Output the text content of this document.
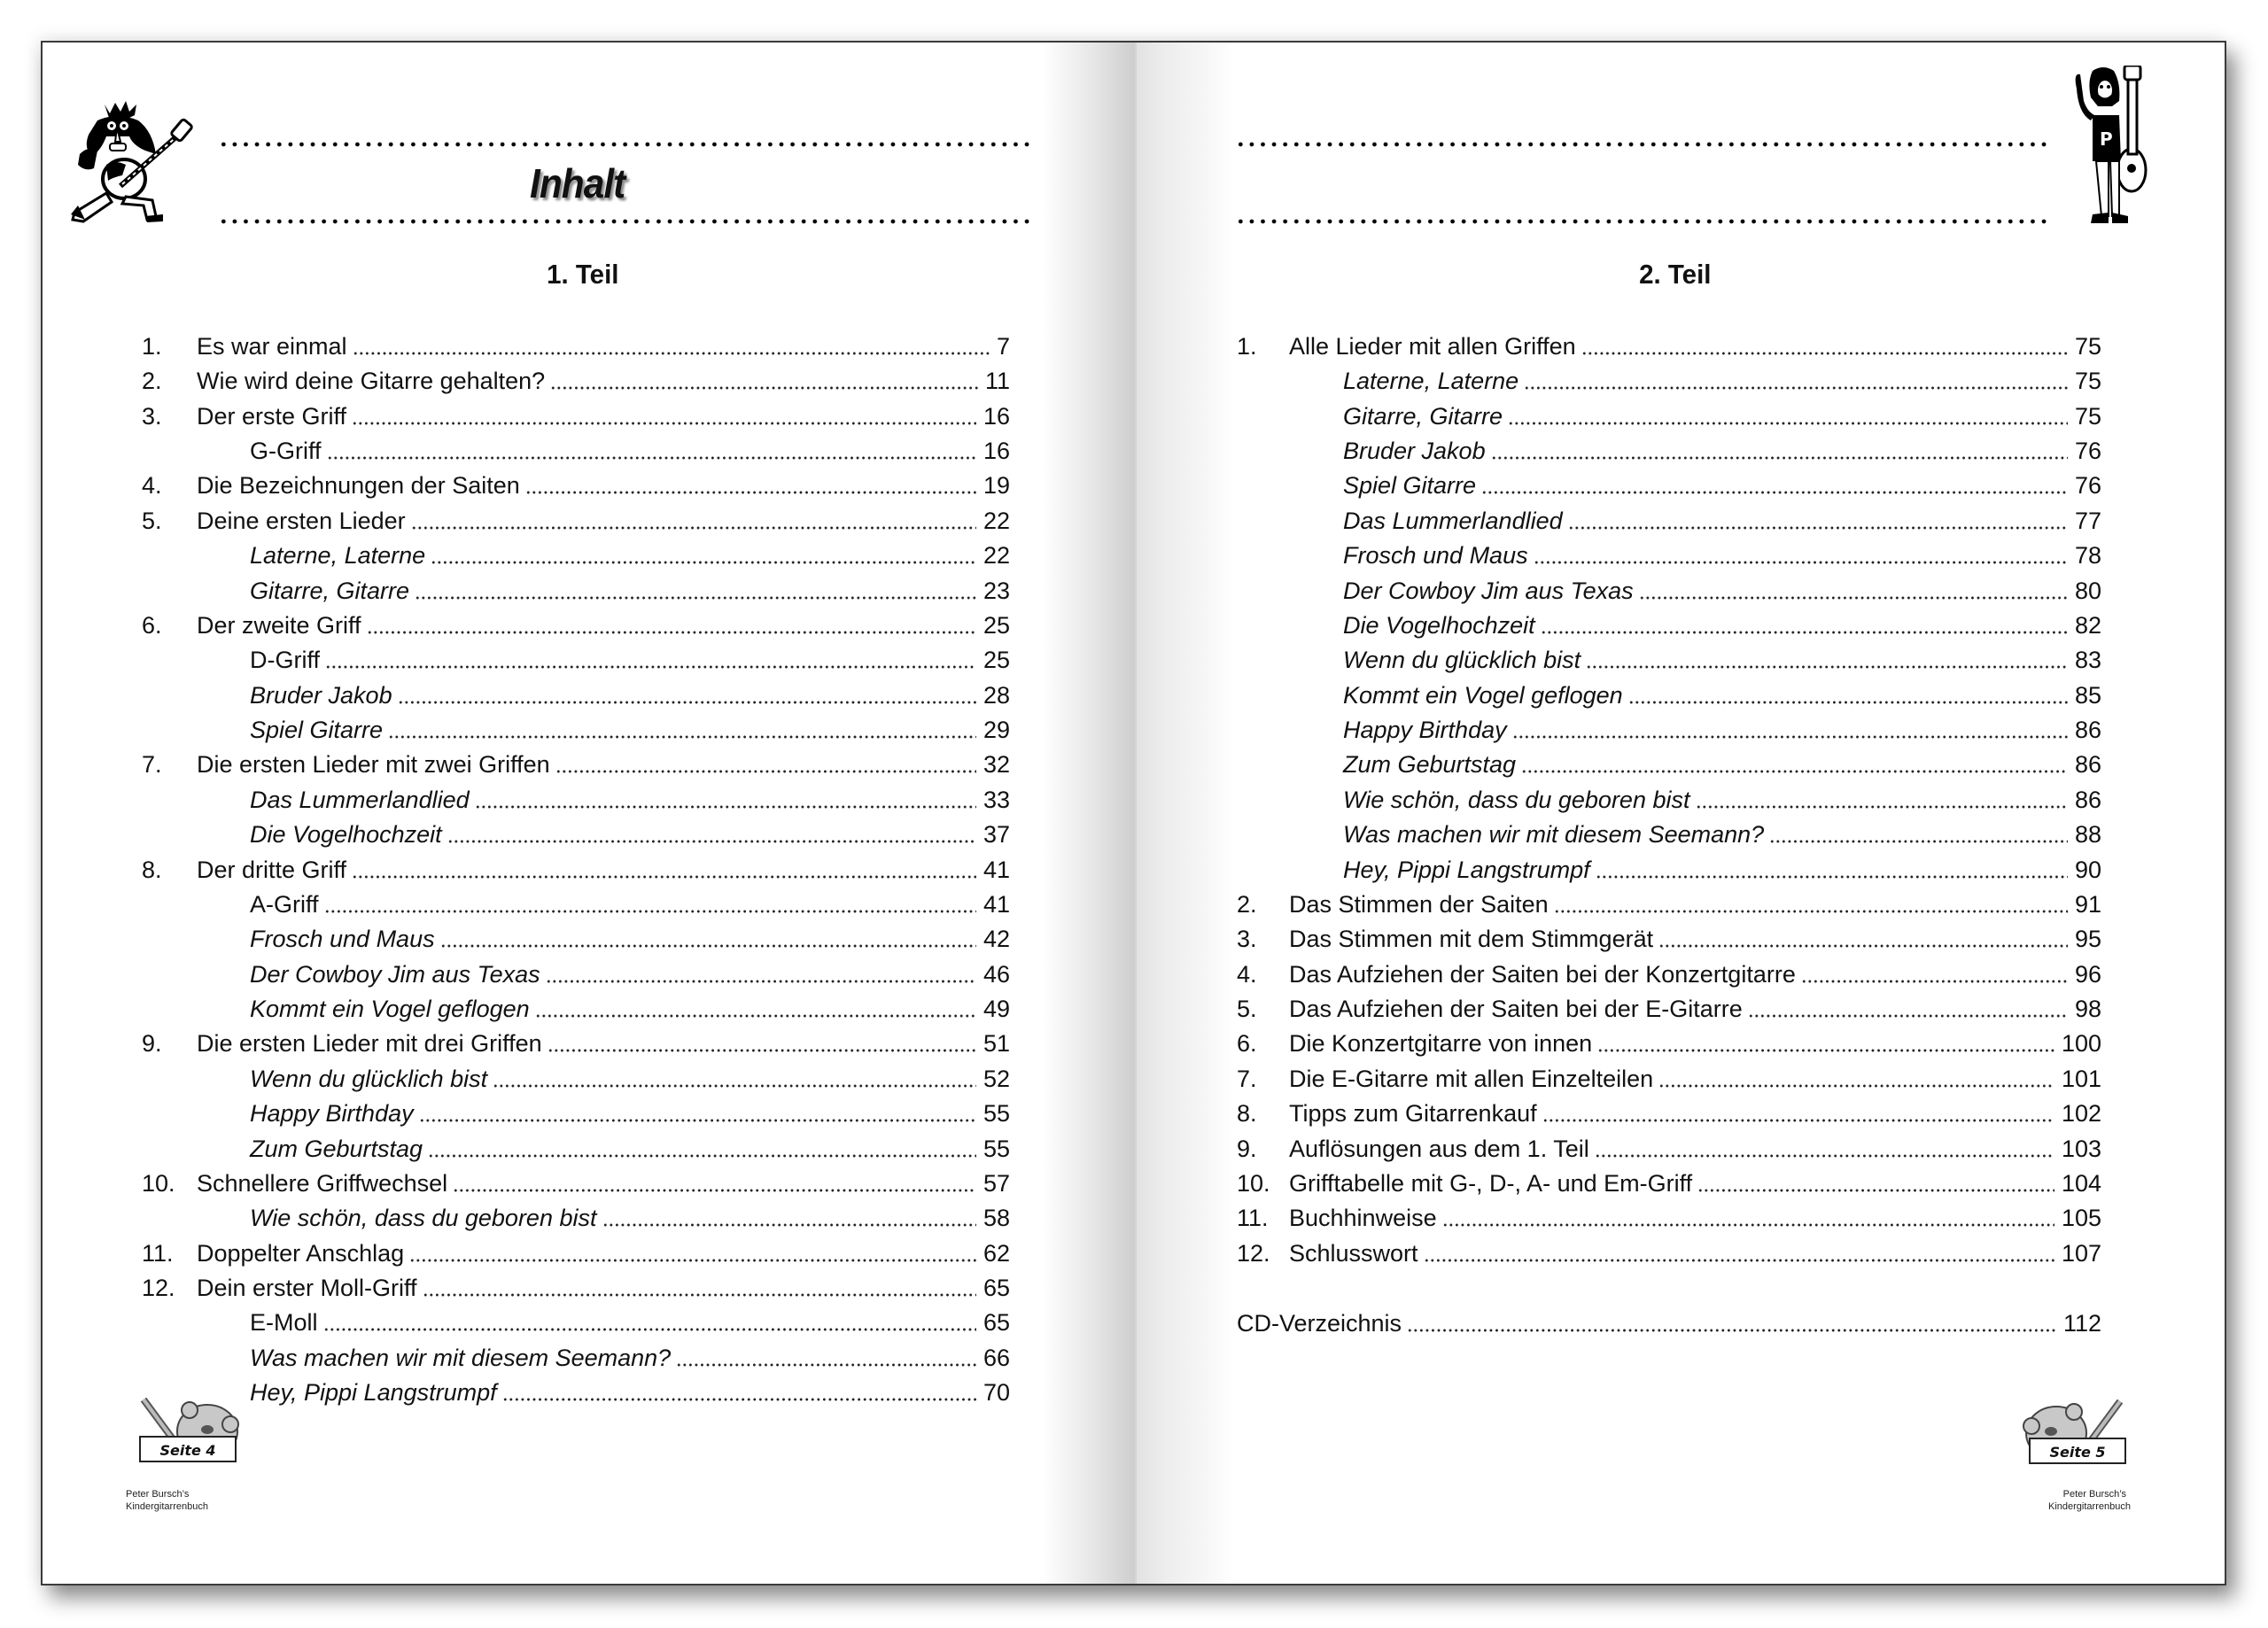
Inhalt
1. Teil
1. Es war einmal	7
2. Wie wird deine Gitarre gehalten?	11
3. Der erste Griff	16
G-Griff	16
4. Die Bezeichnungen der Saiten	19
5. Deine ersten Lieder	22
Laterne, Laterne	22
Gitarre, Gitarre	23
6. Der zweite Griff	25
D-Griff	25
Bruder Jakob	28
Spiel Gitarre	29
7. Die ersten Lieder mit zwei Griffen	32
Das Lummerlandlied	33
Die Vogelhochzeit	37
8. Der dritte Griff	41
A-Griff	41
Frosch und Maus	42
Der Cowboy Jim aus Texas	46
Kommt ein Vogel geflogen	49
9. Die ersten Lieder mit drei Griffen	51
Wenn du glücklich bist	52
Happy Birthday	55
Zum Geburtstag	55
10. Schnellere Griffwechsel	57
Wie schön, dass du geboren bist	58
11. Doppelter Anschlag	62
12. Dein erster Moll-Griff	65
E-Moll	65
Was machen wir mit diesem Seemann?	66
Hey, Pippi Langstrumpf	70
Seite 4
Peter Bursch’s
Kindergitarrenbuch
P
2. Teil
1. Alle Lieder mit allen Griffen	75
Laterne, Laterne	75
Gitarre, Gitarre	75
Bruder Jakob	76
Spiel Gitarre	76
Das Lummerlandlied	77
Frosch und Maus	78
Der Cowboy Jim aus Texas	80
Die Vogelhochzeit	82
Wenn du glücklich bist	83
Kommt ein Vogel geflogen	85
Happy Birthday	86
Zum Geburtstag	86
Wie schön, dass du geboren bist	86
Was machen wir mit diesem Seemann?	88
Hey, Pippi Langstrumpf	90
2. Das Stimmen der Saiten	91
3. Das Stimmen mit dem Stimmgerät	95
4. Das Aufziehen der Saiten bei der Konzertgitarre	96
5. Das Aufziehen der Saiten bei der E-Gitarre	98
6. Die Konzertgitarre von innen	100
7. Die E-Gitarre mit allen Einzelteilen	101
8. Tipps zum Gitarrenkauf	102
9. Auflösungen aus dem 1. Teil	103
10. Grifftabelle mit G-, D-, A- und Em-Griff	104
11. Buchhinweise	105
12. Schlusswort	107
CD-Verzeichnis	112
Seite 5
Peter Bursch’s
Kindergitarrenbuch
